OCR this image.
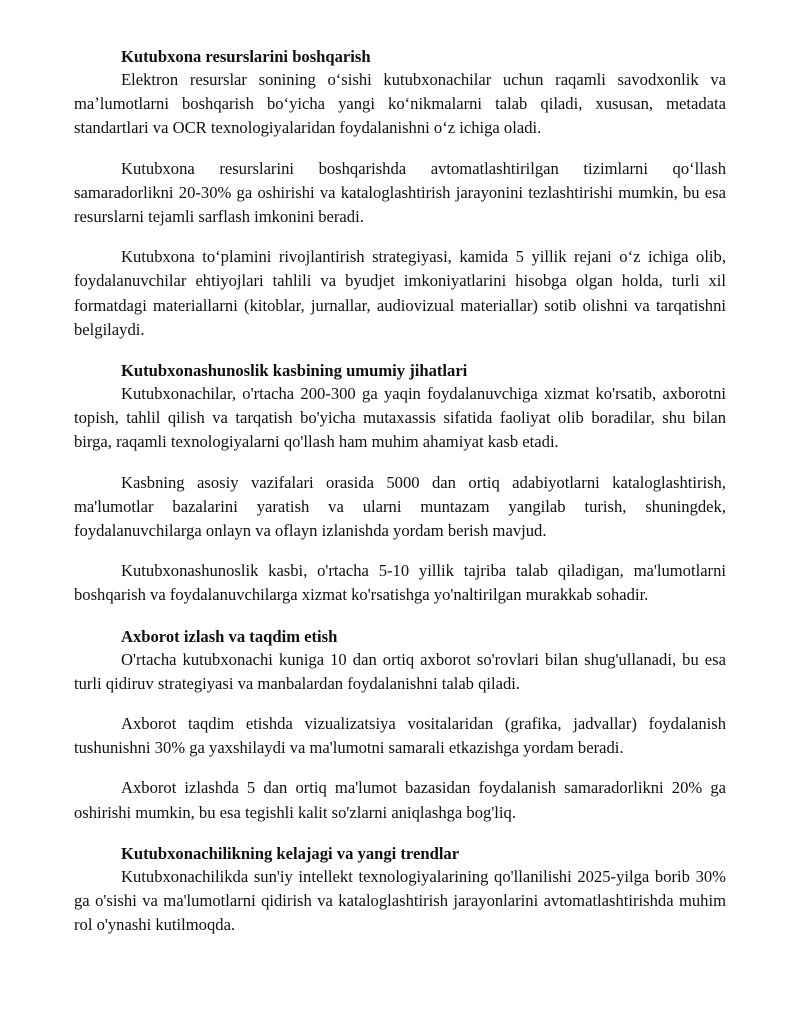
Kutubxona resurslarini boshqarish

Elektron resurslar sonining oʻsishi kutubxonachilar uchun raqamli savodxonlik va maʼlumotlarni boshqarish boʻyicha yangi koʻnikmalarni talab qiladi, xususan, metadata standartlari va OCR texnologiyalaridan foydalanishni oʻz ichiga oladi.

Kutubxona resurslarini boshqarishda avtomatlashtirilgan tizimlarni qoʻllash samaradorlikni 20-30% ga oshirishi va kataloglashtirish jarayonini tezlashtirishi mumkin, bu esa resurslarni tejamli sarflash imkonini beradi.

Kutubxona toʻplamini rivojlantirish strategiyasi, kamida 5 yillik rejani oʻz ichiga olib, foydalanuvchilar ehtiyojlari tahlili va byudjet imkoniyatlarini hisobga olgan holda, turli xil formatdagi materiallarni (kitoblar, jurnallar, audiovizual materiallar) sotib olishni va tarqatishni belgilaydi.

Kutubxonashunoslik kasbining umumiy jihatlari

Kutubxonachilar, o'rtacha 200-300 ga yaqin foydalanuvchiga xizmat ko'rsatib, axborotni topish, tahlil qilish va tarqatish bo'yicha mutaxassis sifatida faoliyat olib boradilar, shu bilan birga, raqamli texnologiyalarni qo'llash ham muhim ahamiyat kasb etadi.

Kasbning asosiy vazifalari orasida 5000 dan ortiq adabiyotlarni kataloglashtirish, ma'lumotlar bazalarini yaratish va ularni muntazam yangilab turish, shuningdek, foydalanuvchilarga onlayn va oflayn izlanishda yordam berish mavjud.

Kutubxonashunoslik kasbi, o'rtacha 5-10 yillik tajriba talab qiladigan, ma'lumotlarni boshqarish va foydalanuvchilarga xizmat ko'rsatishga yo'naltirilgan murakkab sohadir.

Axborot izlash va taqdim etish

O'rtacha kutubxonachi kuniga 10 dan ortiq axborot so'rovlari bilan shug'ullanadi, bu esa turli qidiruv strategiyasi va manbalardan foydalanishni talab qiladi.

Axborot taqdim etishda vizualizatsiya vositalaridan (grafika, jadvallar) foydalanish tushunishni 30% ga yaxshilaydi va ma'lumotni samarali etkazishga yordam beradi.

Axborot izlashda 5 dan ortiq ma'lumot bazasidan foydalanish samaradorlikni 20% ga oshirishi mumkin, bu esa tegishli kalit so'zlarni aniqlashga bog'liq.

Kutubxonachilikning kelajagi va yangi trendlar

Kutubxonachilikda sun'iy intellekt texnologiyalarining qo'llanilishi 2025-yilga borib 30% ga o'sishi va ma'lumotlarni qidirish va kataloglashtirish jarayonlarini avtomatlashtirishda muhim rol o'ynashi kutilmoqda.
